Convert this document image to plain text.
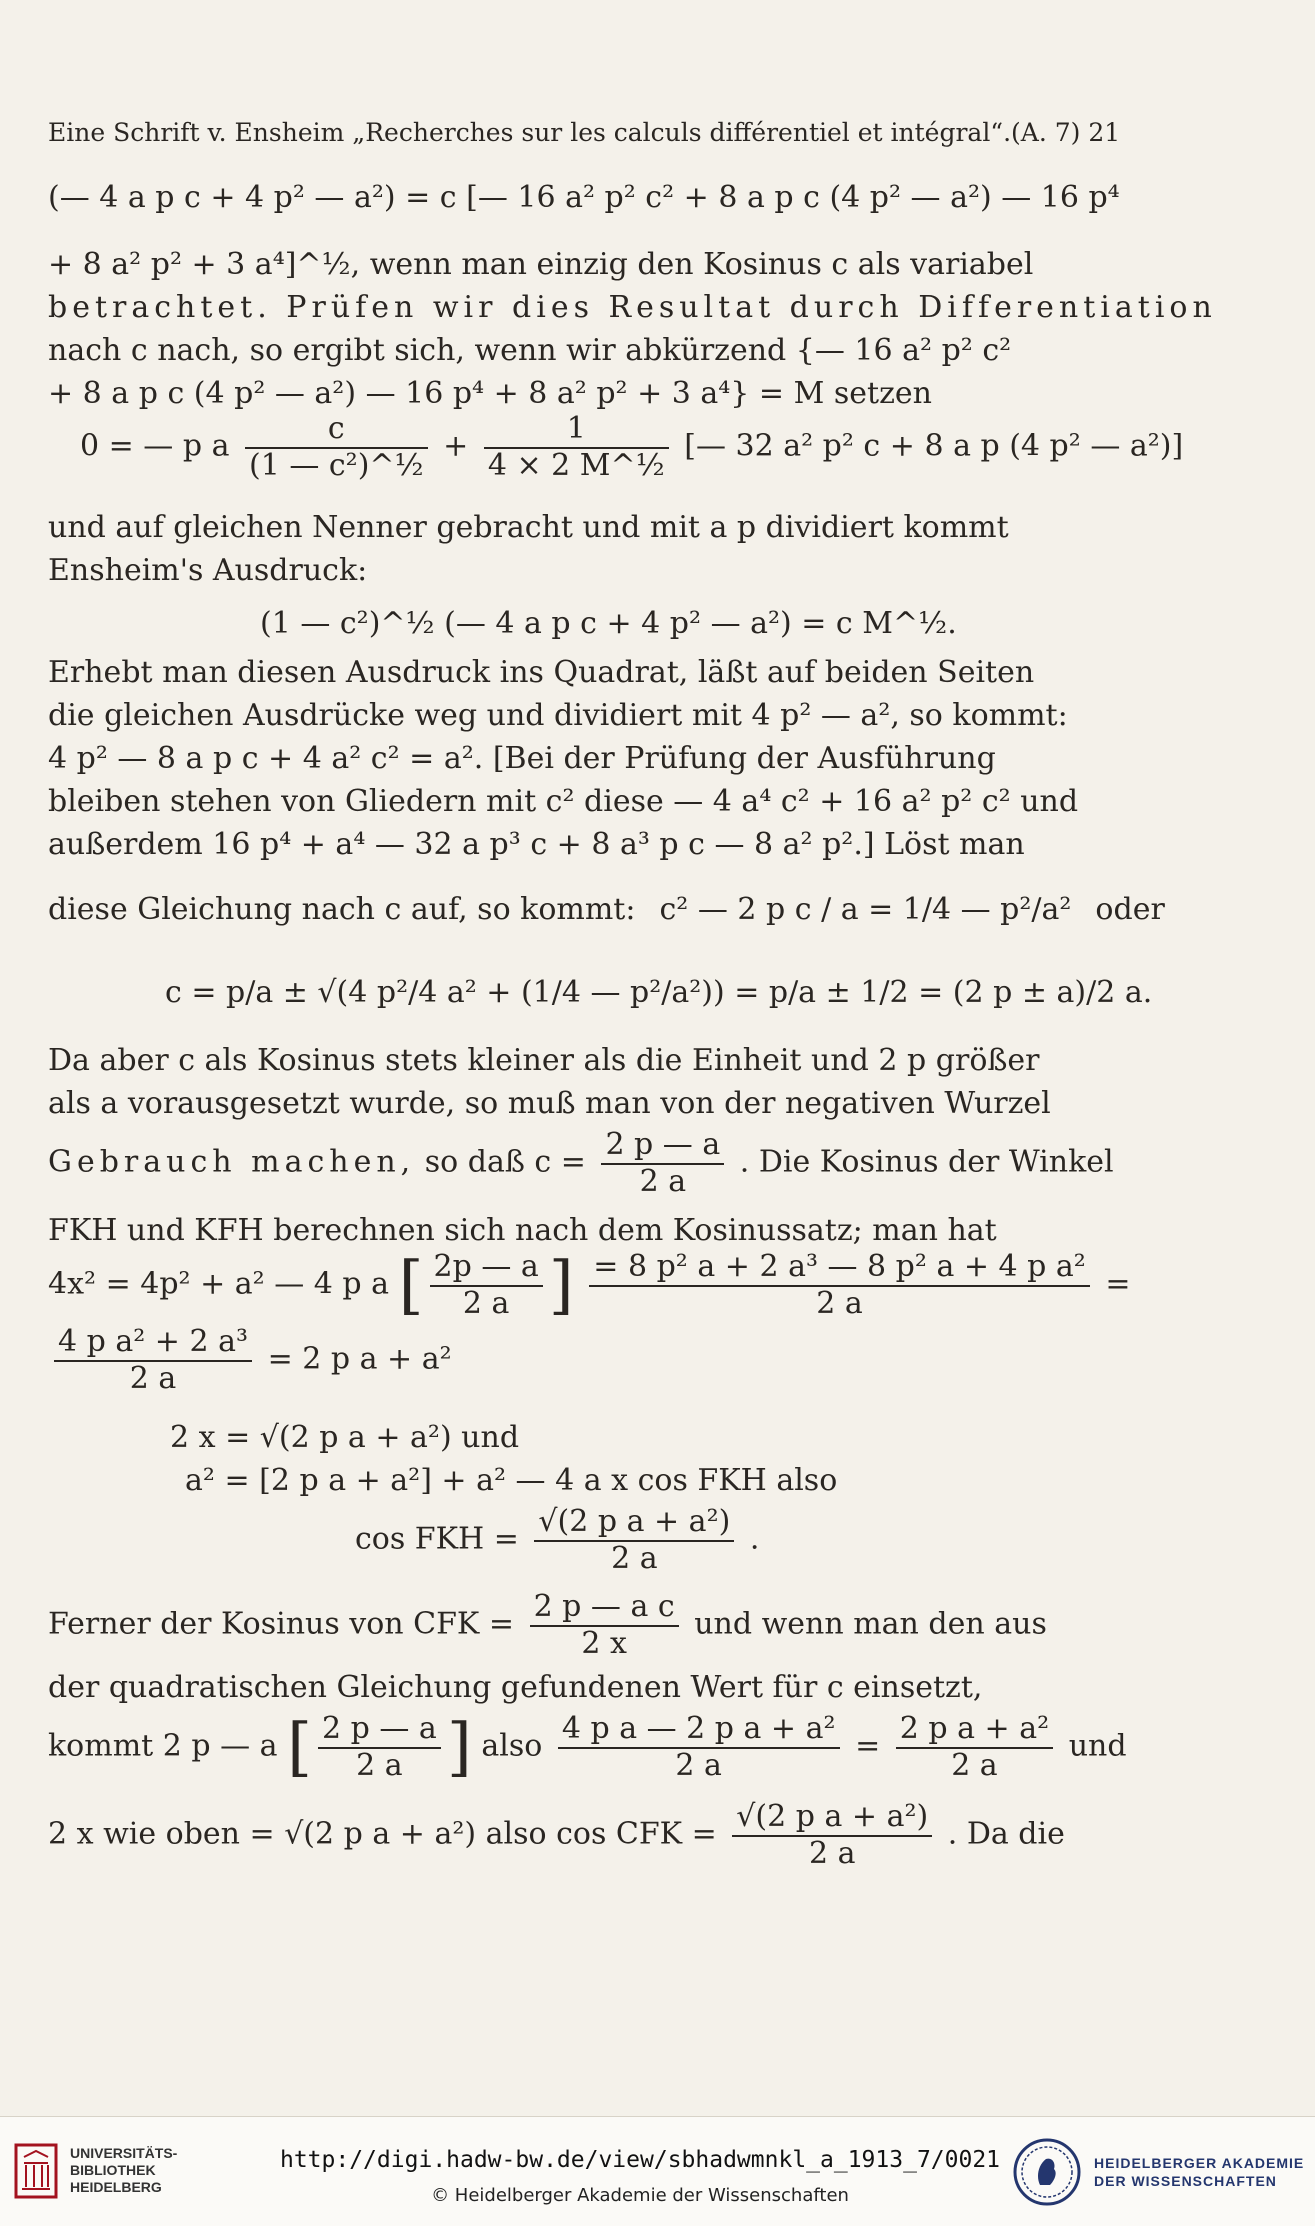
Eine Schrift v. Ensheim „Recherches sur les calculs différentiel et intégral“. (A. 7) 21
(— 4 a p c + 4 p² — a²) = c [— 16 a² p² c² + 8 a p c (4 p² — a²) — 16 p⁴
+ 8 a² p² + 3 a⁴]^½, wenn man einzig den Kosinus c als variabel
betrachtet. Prüfen wir dies Resultat durch Differentiation
nach c nach, so ergibt sich, wenn wir abkürzend {— 16 a² p² c²
+ 8 a p c (4 p² — a²) — 16 p⁴ + 8 a² p² + 3 a⁴} = M setzen
0 = — p a $\frac{c}{\text{(1 — c²)\textasciicircum{}½}} + \frac{1}{\text{4 × 2 M\textasciicircum{}½}}$ [— 32 a² p² c + 8 a p (4 p² — a²)]
und auf gleichen Nenner gebracht und mit a p dividiert kommt
Ensheim's Ausdruck:
(1 — c²)^½ (— 4 a p c + 4 p² — a²) = c M^½.
Erhebt man diesen Ausdruck ins Quadrat, läßt auf beiden Seiten
die gleichen Ausdrücke weg und dividiert mit 4 p² — a², so kommt:
4 p² — 8 a p c + 4 a² c² = a². [Bei der Prüfung der Ausführung
bleiben stehen von Gliedern mit c² diese — 4 a⁴ c² + 16 a² p² c² und
außerdem 16 p⁴ + a⁴ — 32 a p³ c + 8 a³ p c — 8 a² p².] Löst man
diese Gleichung nach c auf, so kommt: c² — 2 p c / a = 1/4 — p²/a² oder
c = p/a ± √(4 p²/4 a² + (1/4 — p²/a²)) = p/a ± 1/2 = (2 p ± a)/2 a.
Da aber c als Kosinus stets kleiner als die Einheit und 2 p größer
als a vorausgesetzt wurde, so muß man von der negativen Wurzel
Gebrauch machen, so daß $c = \frac{2 p — a}{2 a}$ . Die Kosinus der Winkel
FKH und KFH berechnen sich nach dem Kosinussatz; man hat
4x² = 4p² + a² — 4 p a [ $\frac{2p — a}{2 a}$ ] $\frac{\text{= 8 p² a + 2 a³ — 8 p² a + 4 p a²}}{2 a}$ =
$\frac{\text{4 p a² + 2 a³}}{2 a} = 2$ p a + a²
2 x = √(2 p a + a²) und
a² = [2 p a + a²] + a² — 4 a x cos FKH also
cos FKH = $\frac{\text{√(2 p a + a²)}}{2 a}$ .
Ferner der Kosinus von CFK = $\frac{\text{2 p — a c}}{2 x}$ und wenn man den aus
der quadratischen Gleichung gefundenen Wert für c einsetzt,
kommt 2 p — a [ $\frac{2 p — a}{2 a}$ ] also $\frac{\text{4 p a — 2 p a + a²}}{2 a} = \frac{\text{2 p a + a²}}{2 a}$ und
2 x wie oben = √(2 p a + a²) also cos CFK = $\frac{\text{√(2 p a + a²)}}{2 a}$ . Da die
UNIVERSITÄTS-
BIBLIOTHEK
HEIDELBERG
http://digi.hadw-bw.de/view/sbhadwmnkl_a_1913_7/0021
© Heidelberger Akademie der Wissenschaften
HEIDELBERGER AKADEMIE
DER WISSENSCHAFTEN
